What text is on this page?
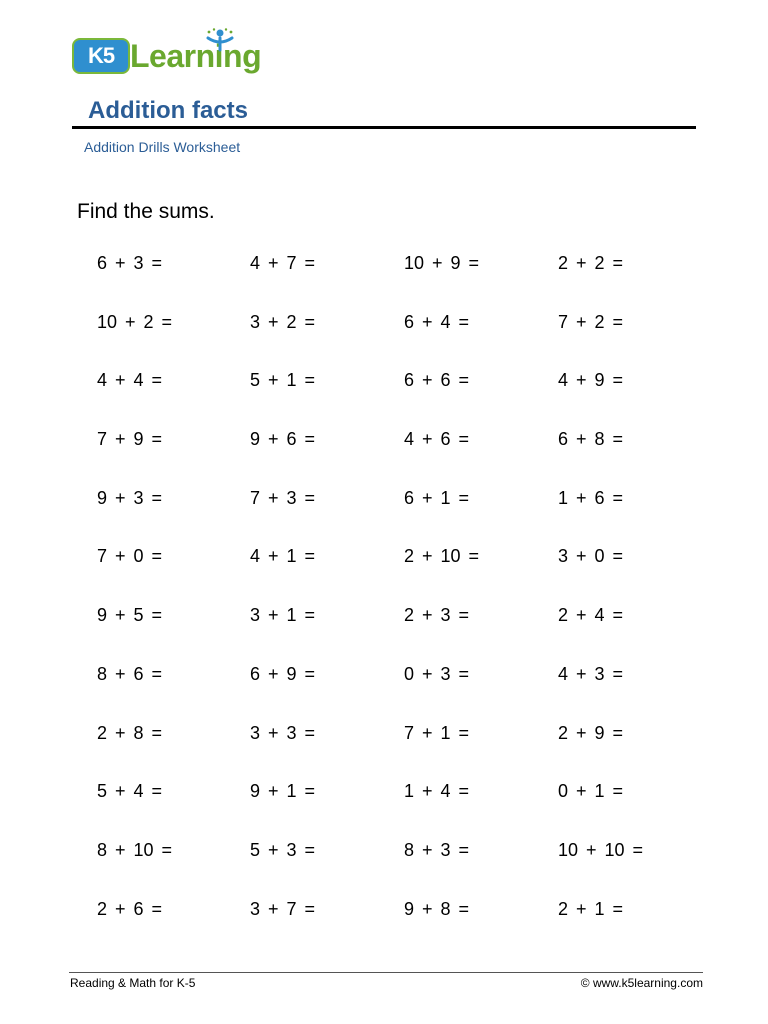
K5 Learning
Addition facts
Addition Drills Worksheet
Find the sums.
6 + 3 =	4 + 7 =	10 + 9 =	2 + 2 =
10 + 2 =	3 + 2 =	6 + 4 =	7 + 2 =
4 + 4 =	5 + 1 =	6 + 6 =	4 + 9 =
7 + 9 =	9 + 6 =	4 + 6 =	6 + 8 =
9 + 3 =	7 + 3 =	6 + 1 =	1 + 6 =
7 + 0 =	4 + 1 =	2 + 10 =	3 + 0 =
9 + 5 =	3 + 1 =	2 + 3 =	2 + 4 =
8 + 6 =	6 + 9 =	0 + 3 =	4 + 3 =
2 + 8 =	3 + 3 =	7 + 1 =	2 + 9 =
5 + 4 =	9 + 1 =	1 + 4 =	0 + 1 =
8 + 10 =	5 + 3 =	8 + 3 =	10 + 10 =
2 + 6 =	3 + 7 =	9 + 8 =	2 + 1 =
Reading & Math for K-5	© www.k5learning.com
